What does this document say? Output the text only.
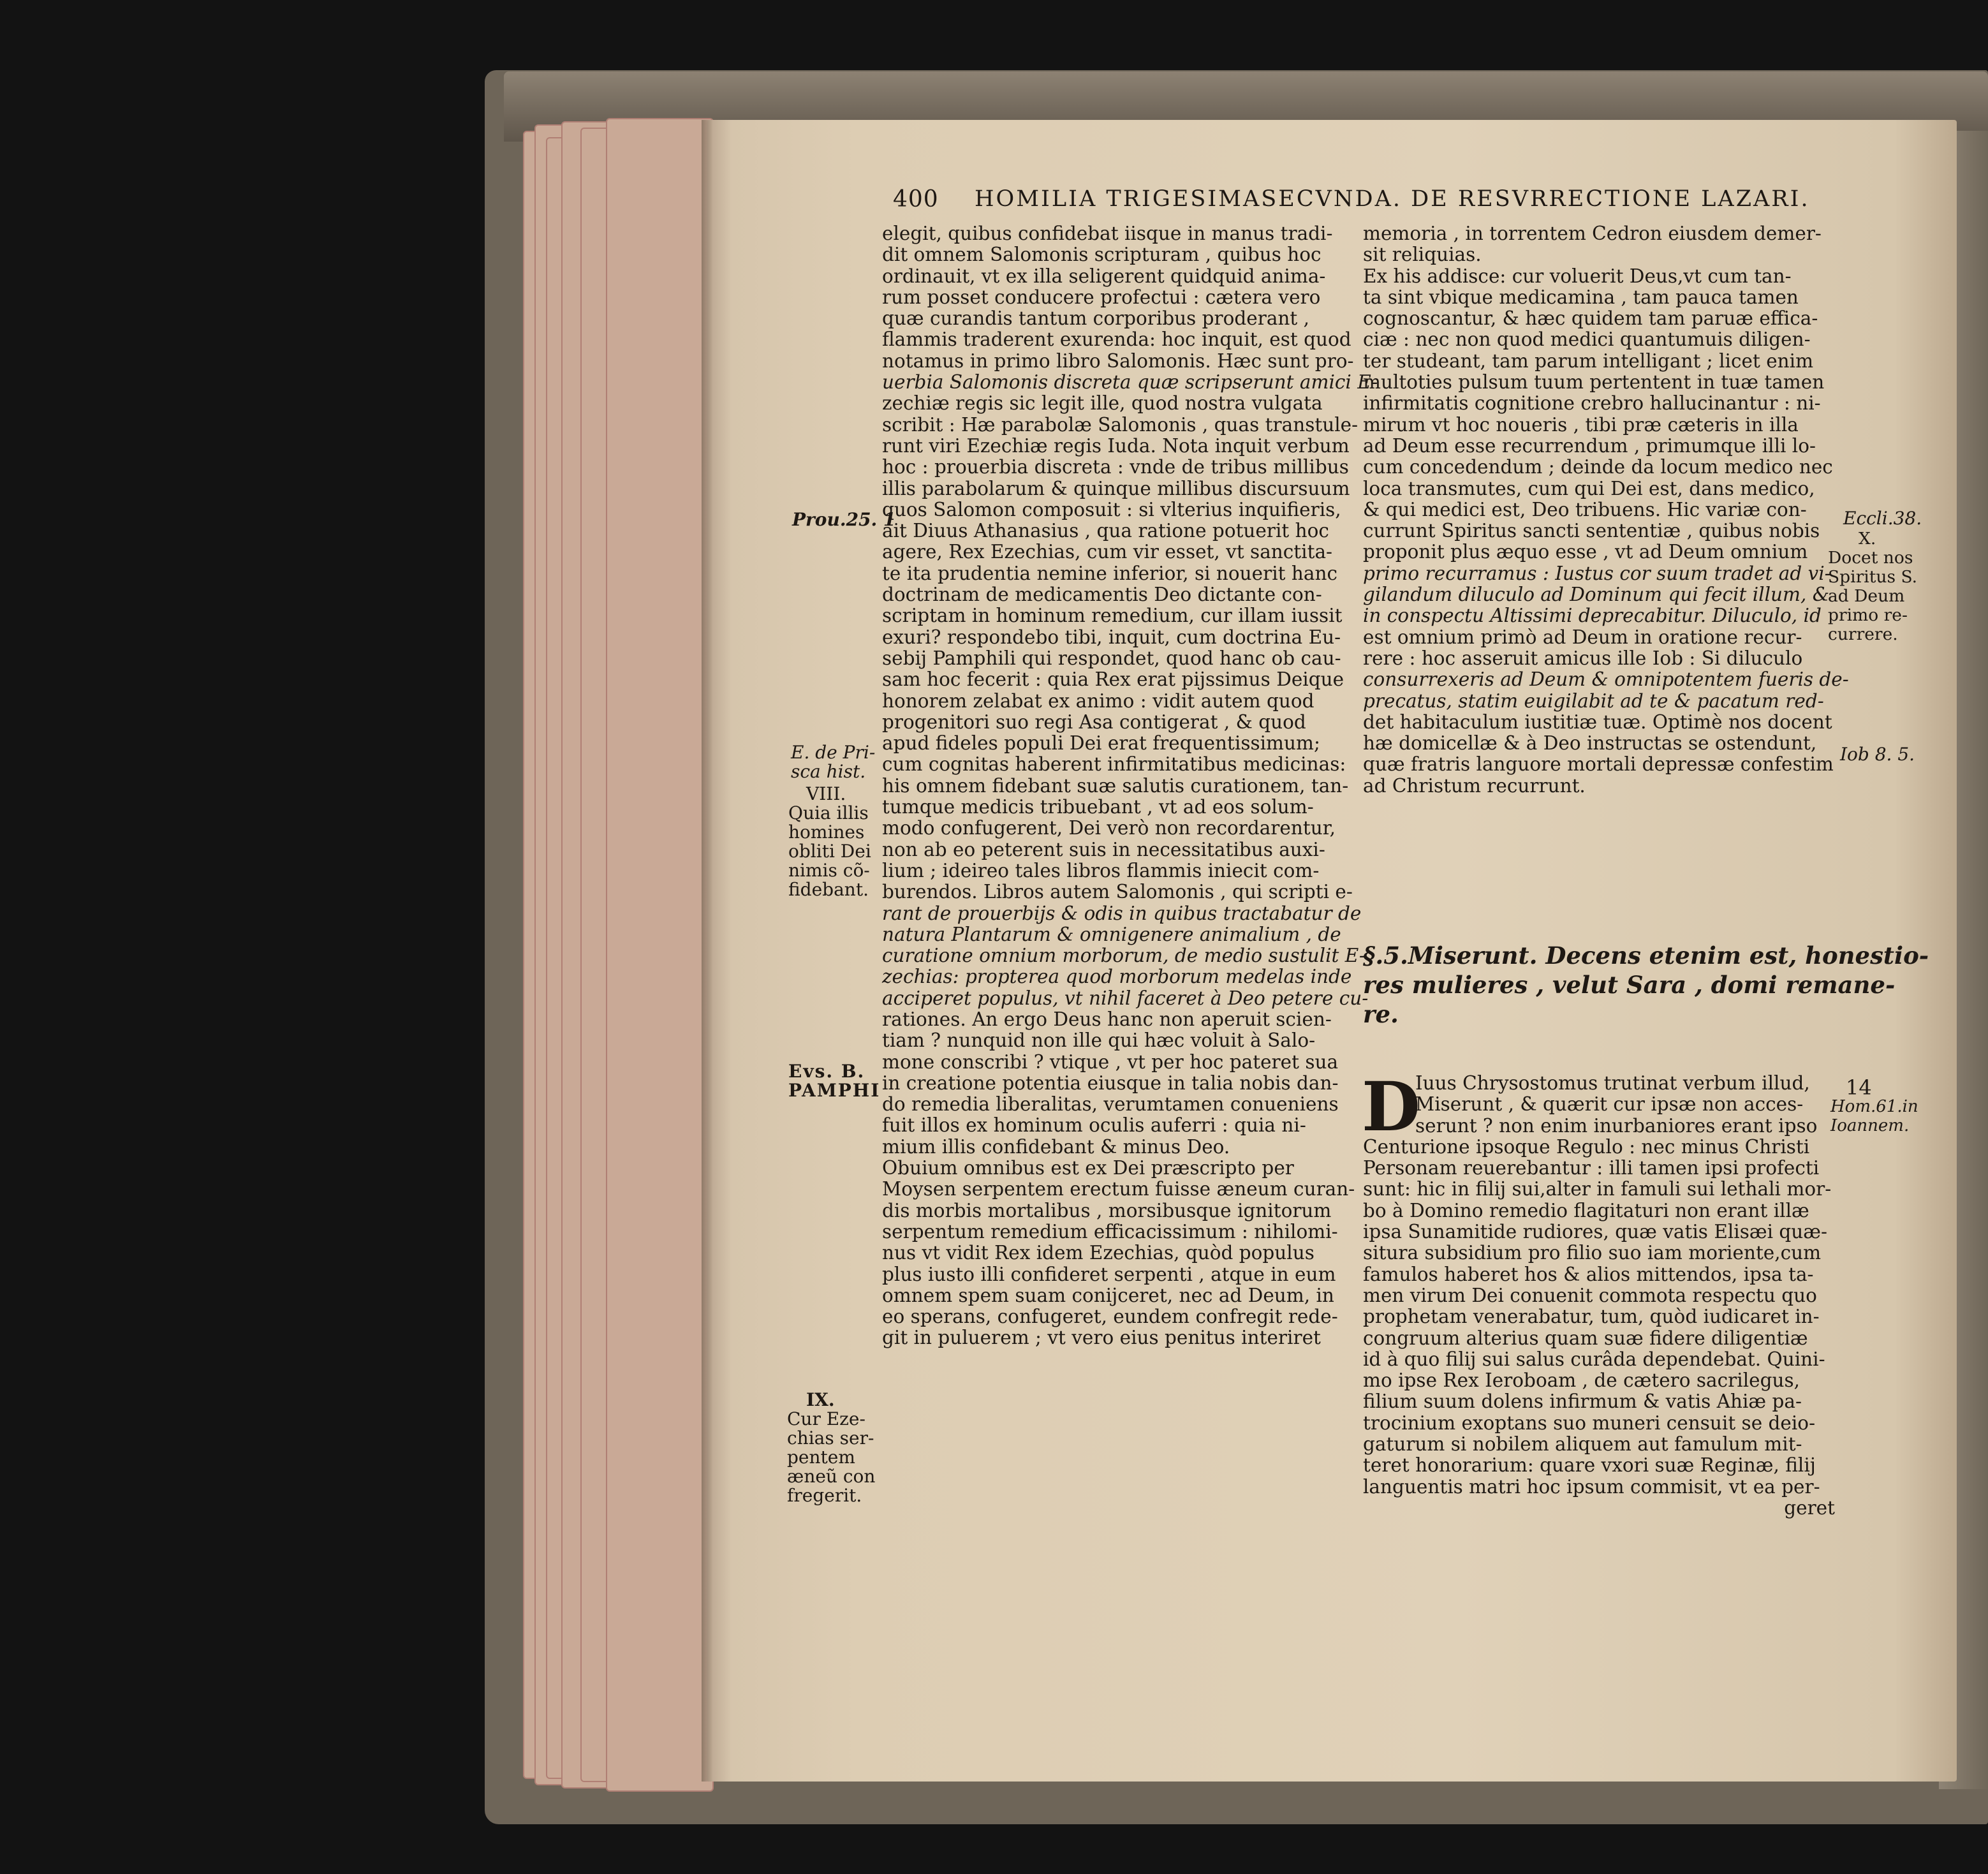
400 HOMILIA TRIGESIMASECVNDA. DE RESVRRECTIONE LAZARI.
elegit, quibus confidebat iisque in manus tradi-
dit omnem Salomonis scripturam , quibus hoc
ordinauit, vt ex illa seligerent quidquid anima-
rum posset conducere profectui : cætera vero
quæ curandis tantum corporibus proderant ,
flammis traderent exurenda: hoc inquit, est quod
notamus in primo libro Salomonis. Hæc sunt pro-
uerbia Salomonis discreta quæ scripserunt amici E-
zechiæ regis sic legit ille, quod nostra vulgata
scribit : Hæ parabolæ Salomonis , quas transtule-
runt viri Ezechiæ regis Iuda. Nota inquit verbum
hoc : prouerbia discreta : vnde de tribus millibus
illis parabolarum & quinque millibus discursuum
quos Salomon composuit : si vlterius inquifieris,
ait Diuus Athanasius , qua ratione potuerit hoc
agere, Rex Ezechias, cum vir esset, vt sanctita-
te ita prudentia nemine inferior, si nouerit hanc
doctrinam de medicamentis Deo dictante con-
scriptam in hominum remedium, cur illam iussit
exuri? respondebo tibi, inquit, cum doctrina Eu-
sebij Pamphili qui respondet, quod hanc ob cau-
sam hoc fecerit : quia Rex erat pijssimus Deique
honorem zelabat ex animo : vidit autem quod
progenitori suo regi Asa contigerat , & quod
apud fideles populi Dei erat frequentissimum;
cum cognitas haberent infirmitatibus medicinas:
his omnem fidebant suæ salutis curationem, tan-
tumque medicis tribuebant , vt ad eos solum-
modo confugerent, Dei verò non recordarentur,
non ab eo peterent suis in necessitatibus auxi-
lium ; ideireo tales libros flammis iniecit com-
burendos. Libros autem Salomonis , qui scripti e-
rant de prouerbijs & odis in quibus tractabatur de
natura Plantarum & omnigenere animalium , de
curatione omnium morborum, de medio sustulit E-
zechias: propterea quod morborum medelas inde
acciperet populus, vt nihil faceret à Deo petere cu-
rationes. An ergo Deus hanc non aperuit scien-
tiam ? nunquid non ille qui hæc voluit à Salo-
mone conscribi ? vtique , vt per hoc pateret sua
in creatione potentia eiusque in talia nobis dan-
do remedia liberalitas, verumtamen conueniens
fuit illos ex hominum oculis auferri : quia ni-
mium illis confidebant & minus Deo.
Obuium omnibus est ex Dei præscripto per
Moysen serpentem erectum fuisse æneum curan-
dis morbis mortalibus , morsibusque ignitorum
serpentum remedium efficacissimum : nihilomi-
nus vt vidit Rex idem Ezechias, quòd populus
plus iusto illi confideret serpenti , atque in eum
omnem spem suam conijceret, nec ad Deum, in
eo sperans, confugeret, eundem confregit rede-
git in puluerem ; vt vero eius penitus interiret
memoria , in torrentem Cedron eiusdem demer-
sit reliquias.
Ex his addisce: cur voluerit Deus,vt cum tan-
ta sint vbique medicamina , tam pauca tamen
cognoscantur, & hæc quidem tam paruæ effica-
ciæ : nec non quod medici quantumuis diligen-
ter studeant, tam parum intelligant ; licet enim
multoties pulsum tuum pertentent in tuæ tamen
infirmitatis cognitione crebro hallucinantur : ni-
mirum vt hoc noueris , tibi præ cæteris in illa
ad Deum esse recurrendum , primumque illi lo-
cum concedendum ; deinde da locum medico nec
loca transmutes, cum qui Dei est, dans medico,
& qui medici est, Deo tribuens. Hic variæ con-
currunt Spiritus sancti sententiæ , quibus nobis
proponit plus æquo esse , vt ad Deum omnium
primo recurramus : Iustus cor suum tradet ad vi-
gilandum diluculo ad Dominum qui fecit illum, &
in conspectu Altissimi deprecabitur. Diluculo, id
est omnium primò ad Deum in oratione recur-
rere : hoc asseruit amicus ille Iob : Si diluculo
consurrexeris ad Deum & omnipotentem fueris de-
precatus, statim euigilabit ad te & pacatum red-
det habitaculum iustitiæ tuæ. Optimè nos docent
hæ domicellæ & à Deo instructas se ostendunt,
quæ fratris languore mortali depressæ confestim
ad Christum recurrunt.
§.5.Miserunt. Decens etenim est, honestio-
res mulieres , velut Sara , domi remane-
re.
D
Iuus Chrysostomus trutinat verbum illud,
Miserunt , & quærit cur ipsæ non acces-
serunt ? non enim inurbaniores erant ipso
Centurione ipsoque Regulo : nec minus Christi
Personam reuerebantur : illi tamen ipsi profecti
sunt: hic in filij sui,alter in famuli sui lethali mor-
bo à Domino remedio flagitaturi non erant illæ
ipsa Sunamitide rudiores, quæ vatis Elisæi quæ-
situra subsidium pro filio suo iam moriente,cum
famulos haberet hos & alios mittendos, ipsa ta-
men virum Dei conuenit commota respectu quo
prophetam venerabatur, tum, quòd iudicaret in-
congruum alterius quam suæ fidere diligentiæ
id à quo filij sui salus curâda dependebat. Quini-
mo ipse Rex Ieroboam , de cætero sacrilegus,
filium suum dolens infirmum & vatis Ahiæ pa-
trocinium exoptans suo muneri censuit se deio-
gaturum si nobilem aliquem aut famulum mit-
teret honorarium: quare vxori suæ Reginæ, filij
languentis matri hoc ipsum commisit, vt ea per-
geret
Prou.25. 1
E. de Pri-
sca hist.
VIII.
Quia illis
homines
obliti Dei
nimis cõ-
fidebant.
Evs. B.
PAMPHI
IX.
Cur Eze-
chias ser-
pentem
æneũ con
fregerit.
Eccli.38.
X.
Docet nos
Spiritus S.
ad Deum
primo re-
currere.
Iob 8. 5.
14
Hom.61.in
Ioannem.
